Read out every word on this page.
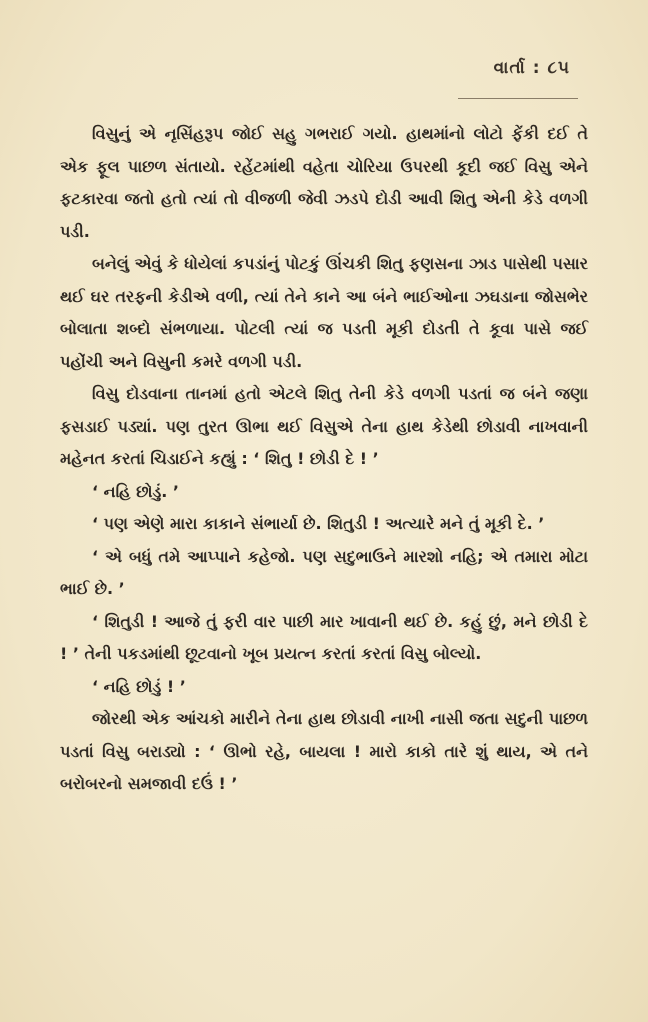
વાર્તા : ૮૫

વિસુનું એ નૃસિંહરૂપ જોઈ સહુ ગભરાઈ ગયો. હાથમાંનો લોટો ફેંકી દઈ તે એક ફૂલ પાછળ સંતાયો. રહેંટમાંથી વહેતા ચોરિયા ઉપરથી કૂદી જઈ વિસુ એને ફટકારવા જતો હતો ત્યાં તો વીજળી જેવી ઝડપે દોડી આવી શિતુ એની કેડે વળગી પડી.

બનેલું એવું કે ધોયેલાં કપડાંનું પોટકું ઊંચકી શિતુ ફણસના ઝાડ પાસેથી પસાર થઈ ઘર તરફની કેડીએ વળી, ત્યાં તેને કાને આ બંને ભાઈઓના ઝઘડાના જોસભેર બોલાતા શબ્દો સંભળાયા. પોટલી ત્યાં જ પડતી મૂકી દોડતી તે કૂવા પાસે જઈ પહોંચી અને વિસુની કમરે વળગી પડી.

વિસુ દોડવાના તાનમાં હતો એટલે શિતુ તેની કેડે વળગી પડતાં જ બંને જણા ફસડાઈ પડ્યાં. પણ તુરત ઊભા થઈ વિસુએ તેના હાથ કેડેથી છોડાવી નાખવાની મહેનત કરતાં ચિડાઈને કહ્યું : ‘ શિતુ ! છોડી દે ! ’

‘ નહિ છોડું. ’

‘ પણ એણે મારા કાકાને સંભાર્યા છે. શિતુડી ! અત્યારે મને તું મૂકી દે. ’

‘ એ બધું તમે આપ્પાને કહેજો. પણ સદુભાઉને મારશો નહિ; એ તમારા મોટા ભાઈ છે. ’

‘ શિતુડી ! આજે તું ફરી વાર પાછી માર ખાવાની થઈ છે. કહું છું, મને છોડી દે ! ’ તેની પકડમાંથી છૂટવાનો ખૂબ પ્રયત્ન કરતાં કરતાં વિસુ બોલ્યો.

‘ નહિ છોડું ! ’

જોરથી એક આંચકો મારીને તેના હાથ છોડાવી નાખી નાસી જતા સદુની પાછળ પડતાં વિસુ બરાડ્યો : ‘ ઊભો રહે, બાયલા ! મારો કાકો તારે શું થાય, એ તને બરોબરનો સમજાવી દઉં ! ’
